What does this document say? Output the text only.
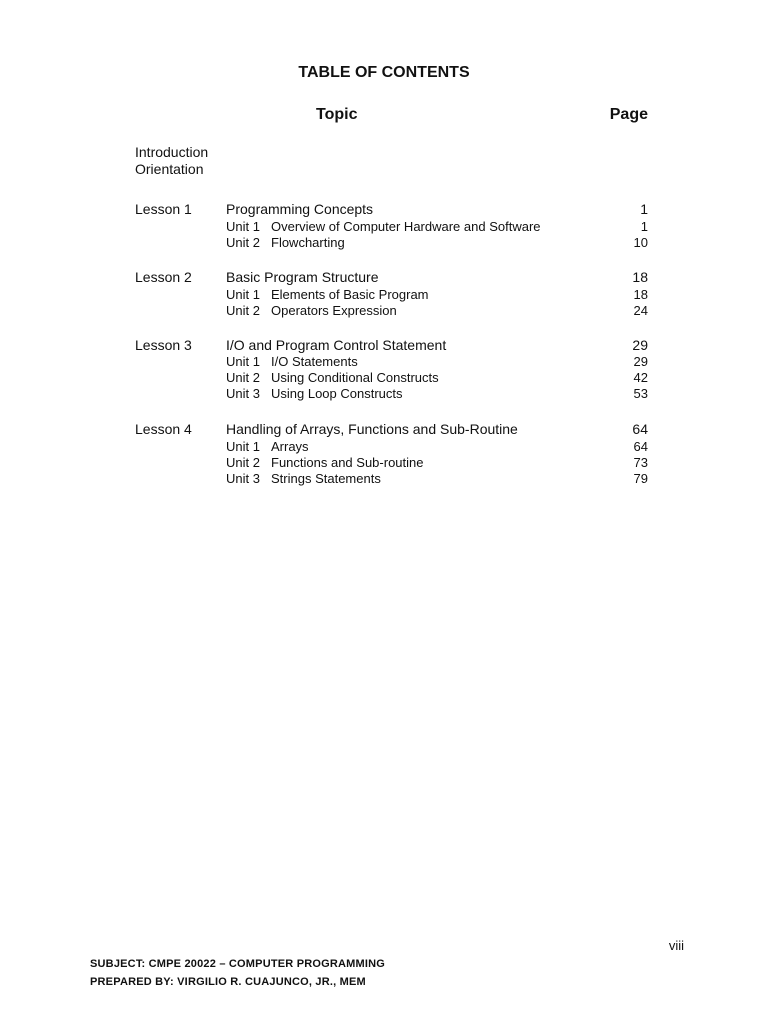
TABLE OF CONTENTS
Topic	Page
Introduction
Orientation
Lesson 1 Programming Concepts	1
Unit 1 Overview of Computer Hardware and Software	1
Unit 2 Flowcharting	10
Lesson 2 Basic Program Structure	18
Unit 1 Elements of Basic Program	18
Unit 2 Operators Expression	24
Lesson 3 I/O and Program Control Statement	29
Unit 1 I/O Statements	29
Unit 2 Using Conditional Constructs	42
Unit 3 Using Loop Constructs	53
Lesson 4 Handling of Arrays, Functions and Sub-Routine	64
Unit 1 Arrays	64
Unit 2 Functions and Sub-routine	73
Unit 3 Strings Statements	79
viii
SUBJECT: CMPE 20022 – COMPUTER PROGRAMMING
PREPARED BY: VIRGILIO R. CUAJUNCO, JR., MEM
